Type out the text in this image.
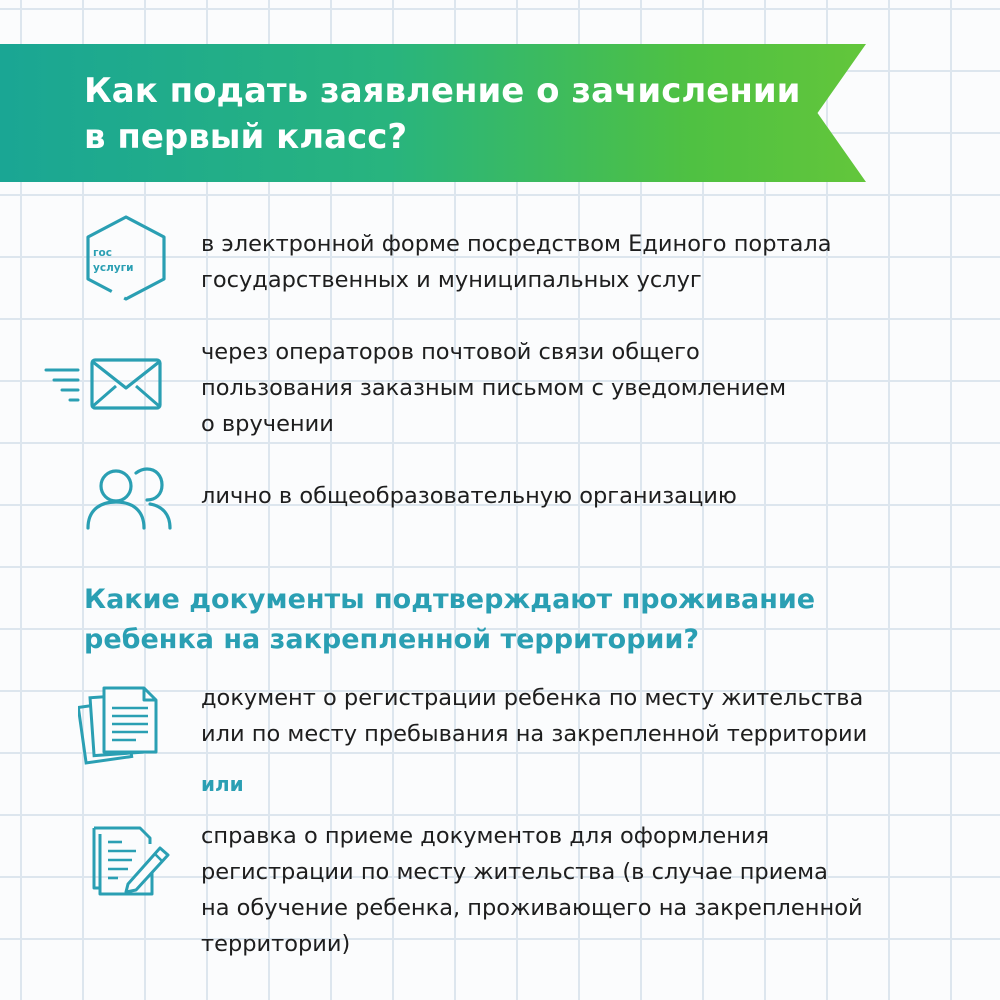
Как подать заявление о зачислении
в первый класс?
гос
услуги

в электронной форме посредством Единого портала
государственных и муниципальных услуг

через операторов почтовой связи общего
пользования заказным письмом с уведомлением
о вручении

лично в общеобразовательную организацию

Какие документы подтверждают проживание
ребенка на закрепленной территории?

документ о регистрации ребенка по месту жительства
или по месту пребывания на закрепленной территории

или

справка о приеме документов для оформления
регистрации по месту жительства (в случае приема
на обучение ребенка, проживающего на закрепленной
территории)
